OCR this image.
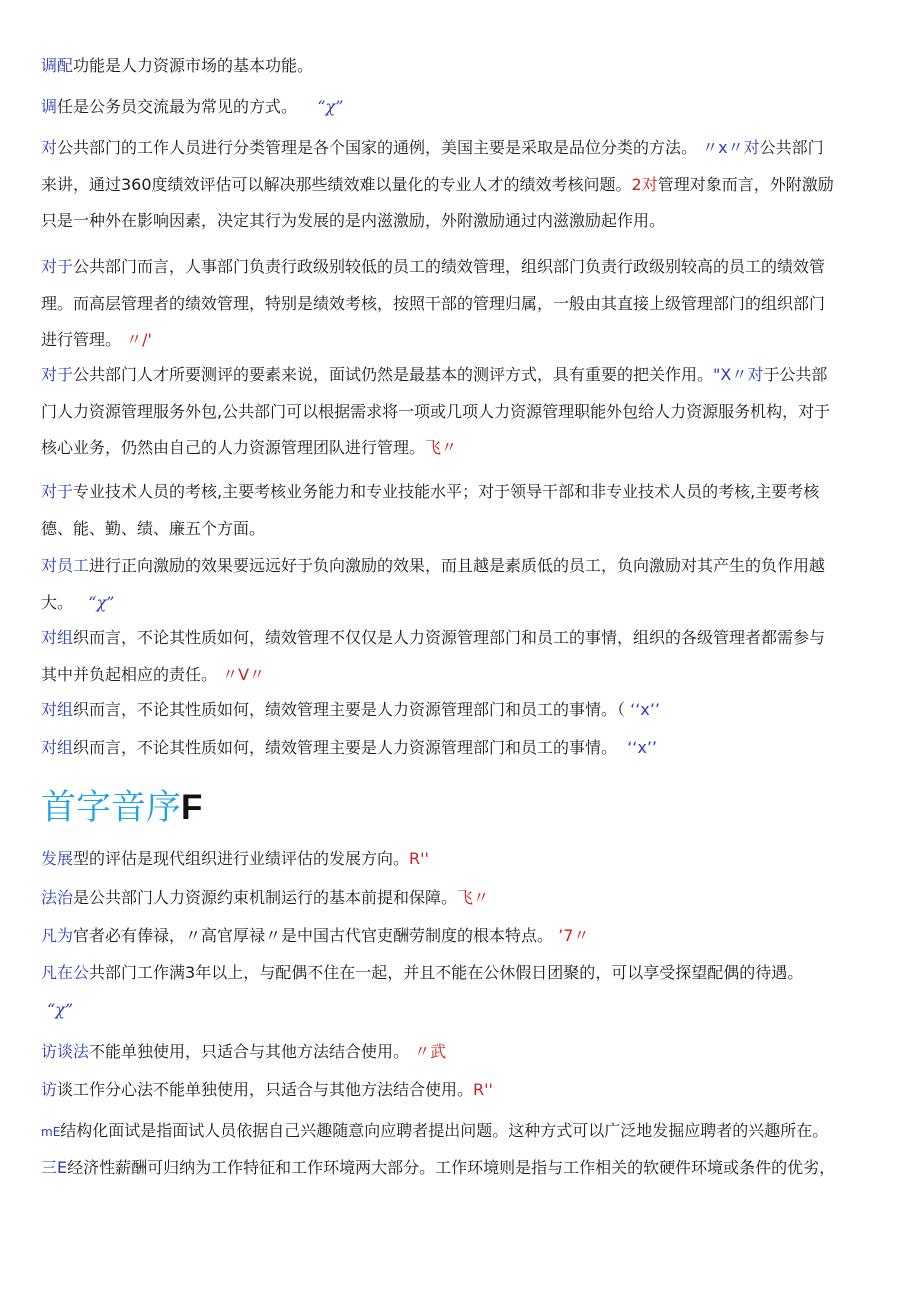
调配功能是人力资源市场的基本功能。
调任是公务员交流最为常见的方式。 “χ”
对公共部门的工作人员进行分类管理是各个国家的通例，美国主要是采取是品位分类的方法。 〃x〃对公共部门
来讲，通过360度绩效评估可以解决那些绩效难以量化的专业人才的绩效考核问题。2对管理对象而言，外附激励
只是一种外在影响因素，决定其行为发展的是内滋激励，外附激励通过内滋激励起作用。
对于公共部门而言，人事部门负责行政级别较低的员工的绩效管理，组织部门负责行政级别较高的员工的绩效管
理。而高层管理者的绩效管理，特别是绩效考核，按照干部的管理归属，一般由其直接上级管理部门的组织部门
进行管理。 〃/'
对于公共部门人才所要测评的要素来说，面试仍然是最基本的测评方式，具有重要的把关作用。"X〃对于公共部
门人力资源管理服务外包,公共部门可以根据需求将一项或几项人力资源管理职能外包给人力资源服务机构，对于
核心业务，仍然由自己的人力资源管理团队进行管理。飞〃
对于专业技术人员的考核,主要考核业务能力和专业技能水平；对于领导干部和非专业技术人员的考核,主要考核
德、能、勤、绩、廉五个方面。
对员工进行正向激励的效果要远远好于负向激励的效果，而且越是素质低的员工，负向激励对其产生的负作用越
大。 “χ”
对组织而言，不论其性质如何，绩效管理不仅仅是人力资源管理部门和员工的事情，组织的各级管理者都需参与
其中并负起相应的责任。 〃V〃
对组织而言，不论其性质如何，绩效管理主要是人力资源管理部门和员工的事情。（ ‘‘x’’
对组织而言，不论其性质如何，绩效管理主要是人力资源管理部门和员工的事情。 ‘‘x’’
首字音序F
发展型的评估是现代组织进行业绩评估的发展方向。R''
法治是公共部门人力资源约束机制运行的基本前提和保障。飞〃
凡为官者必有俸禄，〃高官厚禄〃是中国古代官吏酬劳制度的根本特点。 ’7〃
凡在公共部门工作满3年以上，与配偶不住在一起，并且不能在公休假日团聚的，可以享受探望配偶的待遇。
“χ”
访谈法不能单独使用，只适合与其他方法结合使用。 〃武
访谈工作分心法不能单独使用，只适合与其他方法结合使用。R''
mE结构化面试是指面试人员依据自己兴趣随意向应聘者提出问题。这种方式可以广泛地发掘应聘者的兴趣所在。
三E经济性薪酬可归纳为工作特征和工作环境两大部分。工作环境则是指与工作相关的软硬件环境或条件的优劣，
